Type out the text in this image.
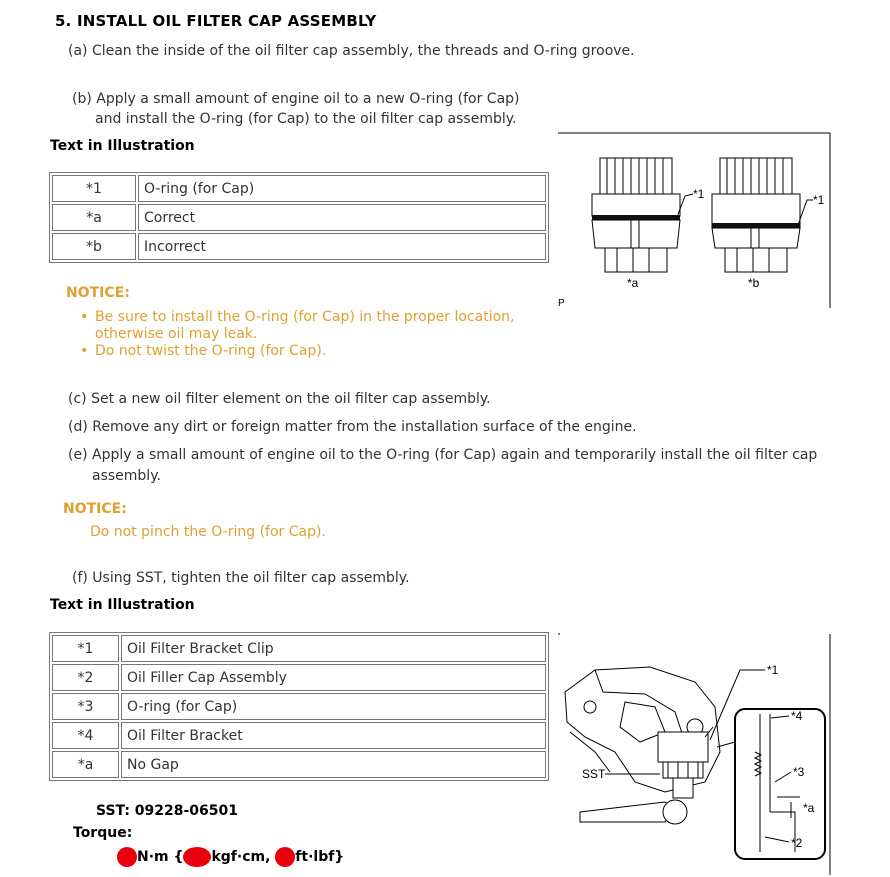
5. INSTALL OIL FILTER CAP ASSEMBLY
(a) Clean the inside of the oil filter cap assembly, the threads and O-ring groove.
(b) Apply a small amount of engine oil to a new O-ring (for Cap)
and install the O-ring (for Cap) to the oil filter cap assembly.
Text in Illustration
*1	O-ring (for Cap)
*a	Correct
*b	Incorrect
*1
*a
*1
*b
P
NOTICE:
• Be sure to install the O-ring (for Cap) in the proper location,
otherwise oil may leak.
• Do not twist the O-ring (for Cap).
(c) Set a new oil filter element on the oil filter cap assembly.
(d) Remove any dirt or foreign matter from the installation surface of the engine.
(e) Apply a small amount of engine oil to the O-ring (for Cap) again and temporarily install the oil filter cap
assembly.
NOTICE:
Do not pinch the O-ring (for Cap).
(f) Using SST, tighten the oil filter cap assembly.
Text in Illustration
*1	Oil Filter Bracket Clip
*2	Oil Filler Cap Assembly
*3	O-ring (for Cap)
*4	Oil Filter Bracket
*a	No Gap
SST
*1
*4
*3
*a
*2
SST: 09228-06501
Torque:
N·m { kgf·cm, ft·lbf}
